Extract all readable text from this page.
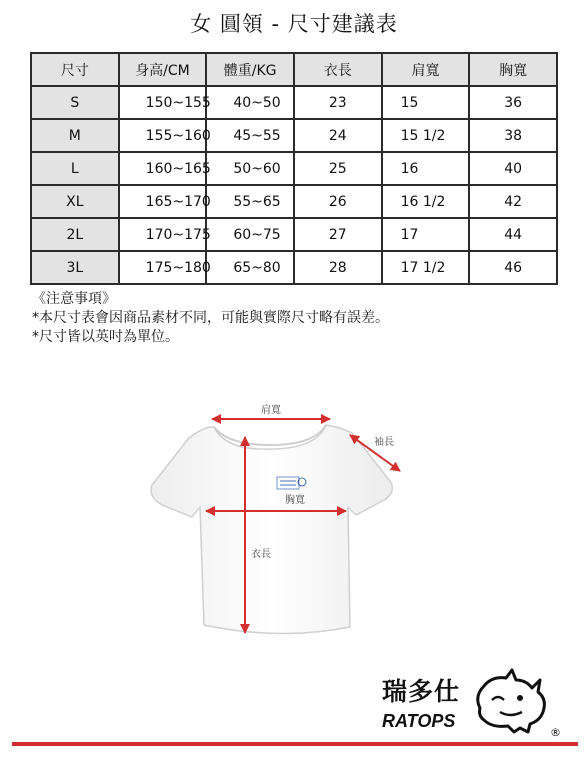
女 圓領 - 尺寸建議表
尺寸	身高/CM	體重/KG	衣長	肩寬	胸寬
S	150~155	40~50	23	15	36
M	155~160	45~55	24	15 1/2	38
L	160~165	50~60	25	16	40
XL	165~170	55~65	26	16 1/2	42
2L	170~175	60~75	27	17	44
3L	175~180	65~80	28	17 1/2	46
《注意事項》
*本尺寸表會因商品素材不同，可能與實際尺寸略有誤差。
*尺寸皆以英吋為單位。
肩寬
袖長
胸寬
衣長
瑞多仕
RATOPS
®
